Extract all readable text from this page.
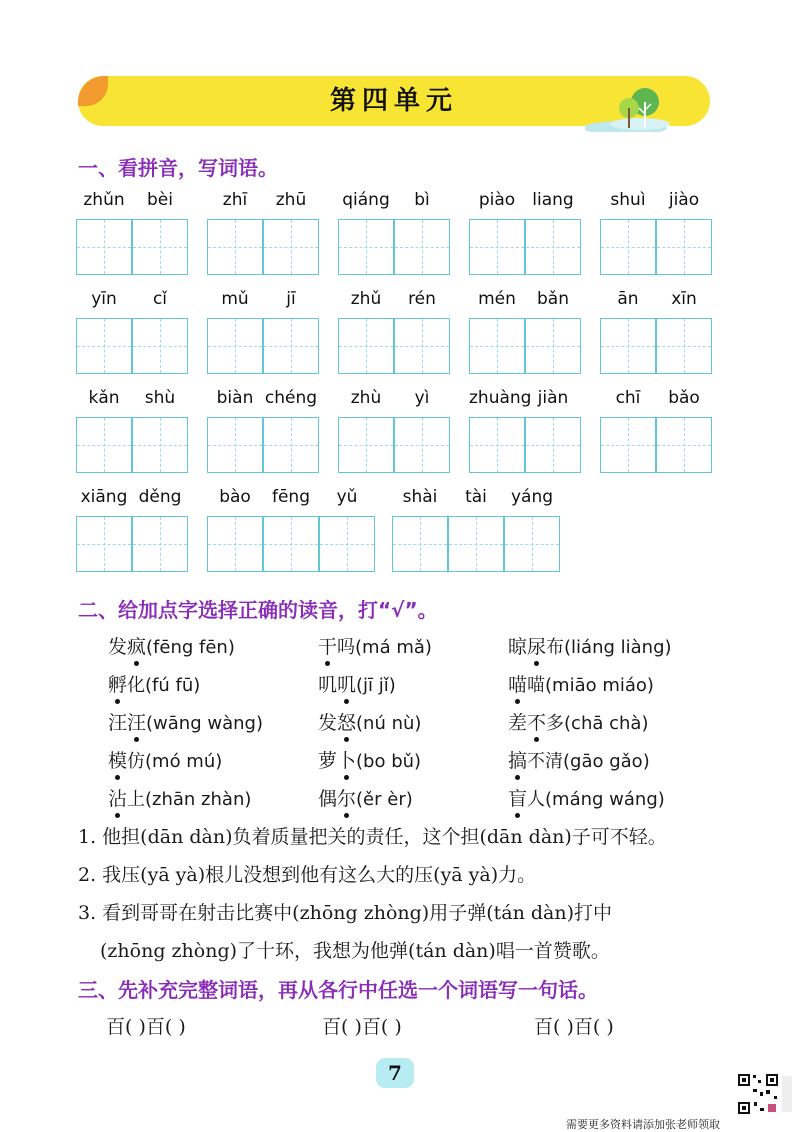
第四单元
一、看拼音，写词语。
zhǔn	bèi	zhī	zhū	qiáng	bì	piào	liang	shuì	jiào
yīn	cǐ	mǔ	jī	zhǔ	rén	mén	bǎn	ān	xīn
kǎn	shù	biàn chéng	zhù	yì	zhuàng jiàn	chī	bǎo
xiāng děng	bào	fēng	yǔ	shài	tài	yáng
二、给加点字选择正确的读音，打“√”。
发疯(fēng fēn)	干吗(má mǎ)	晾尿布(liáng liàng)
孵化(fú fū)	叽叽(jī jǐ)	喵喵(miāo miáo)
汪汪(wāng wàng)	发怒(nú nù)	差不多(chā chà)
模仿(mó mú)	萝卜(bo bǔ)	搞不清(gāo gǎo)
沾上(zhān zhàn)	偶尔(ěr èr)	盲人(máng wáng)
1. 他担(dān dàn)负着质量把关的责任，这个担(dān dàn)子可不轻。
2. 我压(yā yà)根儿没想到他有这么大的压(yā yà)力。
3. 看到哥哥在射击比赛中(zhōng zhòng)用子弹(tán dàn)打中
(zhōng zhòng)了十环，我想为他弹(tán dàn)唱一首赞歌。
三、先补充完整词语，再从各行中任选一个词语写一句话。
百( )百( )	百( )百( )	百( )百( )
7
需要更多资料请添加张老师领取
